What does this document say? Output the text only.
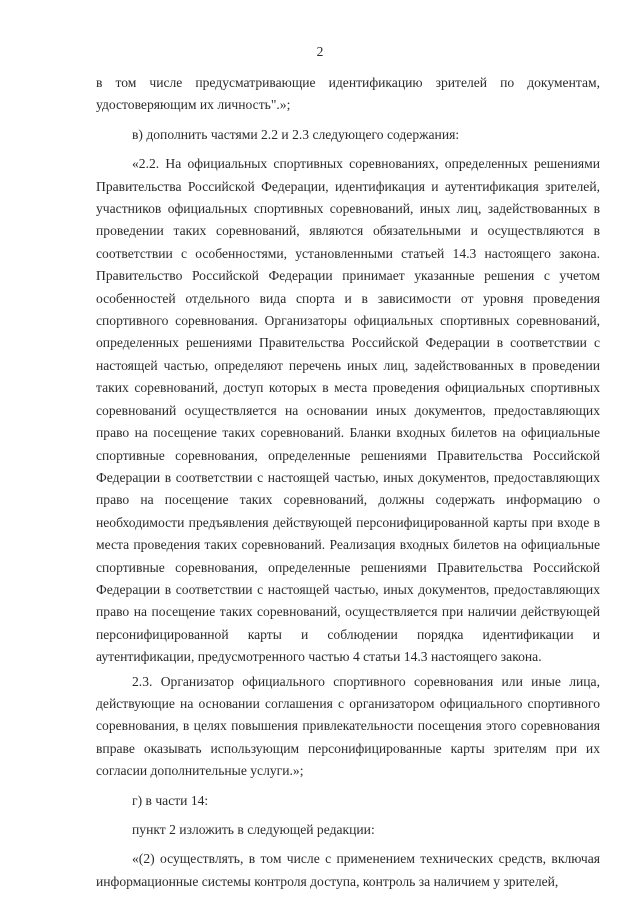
2

в том числе предусматривающие идентификацию зрителей по документам, удостоверяющим их личность".»;

в) дополнить частями 2.2 и 2.3 следующего содержания:

«2.2. На официальных спортивных соревнованиях, определенных решениями Правительства Российской Федерации, идентификация и аутентификация зрителей, участников официальных спортивных соревнований, иных лиц, задействованных в проведении таких соревнований, являются обязательными и осуществляются в соответствии с особенностями, установленными статьей 14.3 настоящего закона. Правительство Российской Федерации принимает указанные решения с учетом особенностей отдельного вида спорта и в зависимости от уровня проведения спортивного соревнования. Организаторы официальных спортивных соревнований, определенных решениями Правительства Российской Федерации в соответствии с настоящей частью, определяют перечень иных лиц, задействованных в проведении таких соревнований, доступ которых в места проведения официальных спортивных соревнований осуществляется на основании иных документов, предоставляющих право на посещение таких соревнований. Бланки входных билетов на официальные спортивные соревнования, определенные решениями Правительства Российской Федерации в соответствии с настоящей частью, иных документов, предоставляющих право на посещение таких соревнований, должны содержать информацию о необходимости предъявления действующей персонифицированной карты при входе в места проведения таких соревнований. Реализация входных билетов на официальные спортивные соревнования, определенные решениями Правительства Российской Федерации в соответствии с настоящей частью, иных документов, предоставляющих право на посещение таких соревнований, осуществляется при наличии действующей персонифицированной карты и соблюдении порядка идентификации и аутентификации, предусмотренного частью 4 статьи 14.3 настоящего закона.

2.3. Организатор официального спортивного соревнования или иные лица, действующие на основании соглашения с организатором официального спортивного соревнования, в целях повышения привлекательности посещения этого соревнования вправе оказывать использующим персонифицированные карты зрителям при их согласии дополнительные услуги.»;

г) в части 14:

пункт 2 изложить в следующей редакции:

«(2) осуществлять, в том числе с применением технических средств, включая информационные системы контроля доступа, контроль за наличием у зрителей,
